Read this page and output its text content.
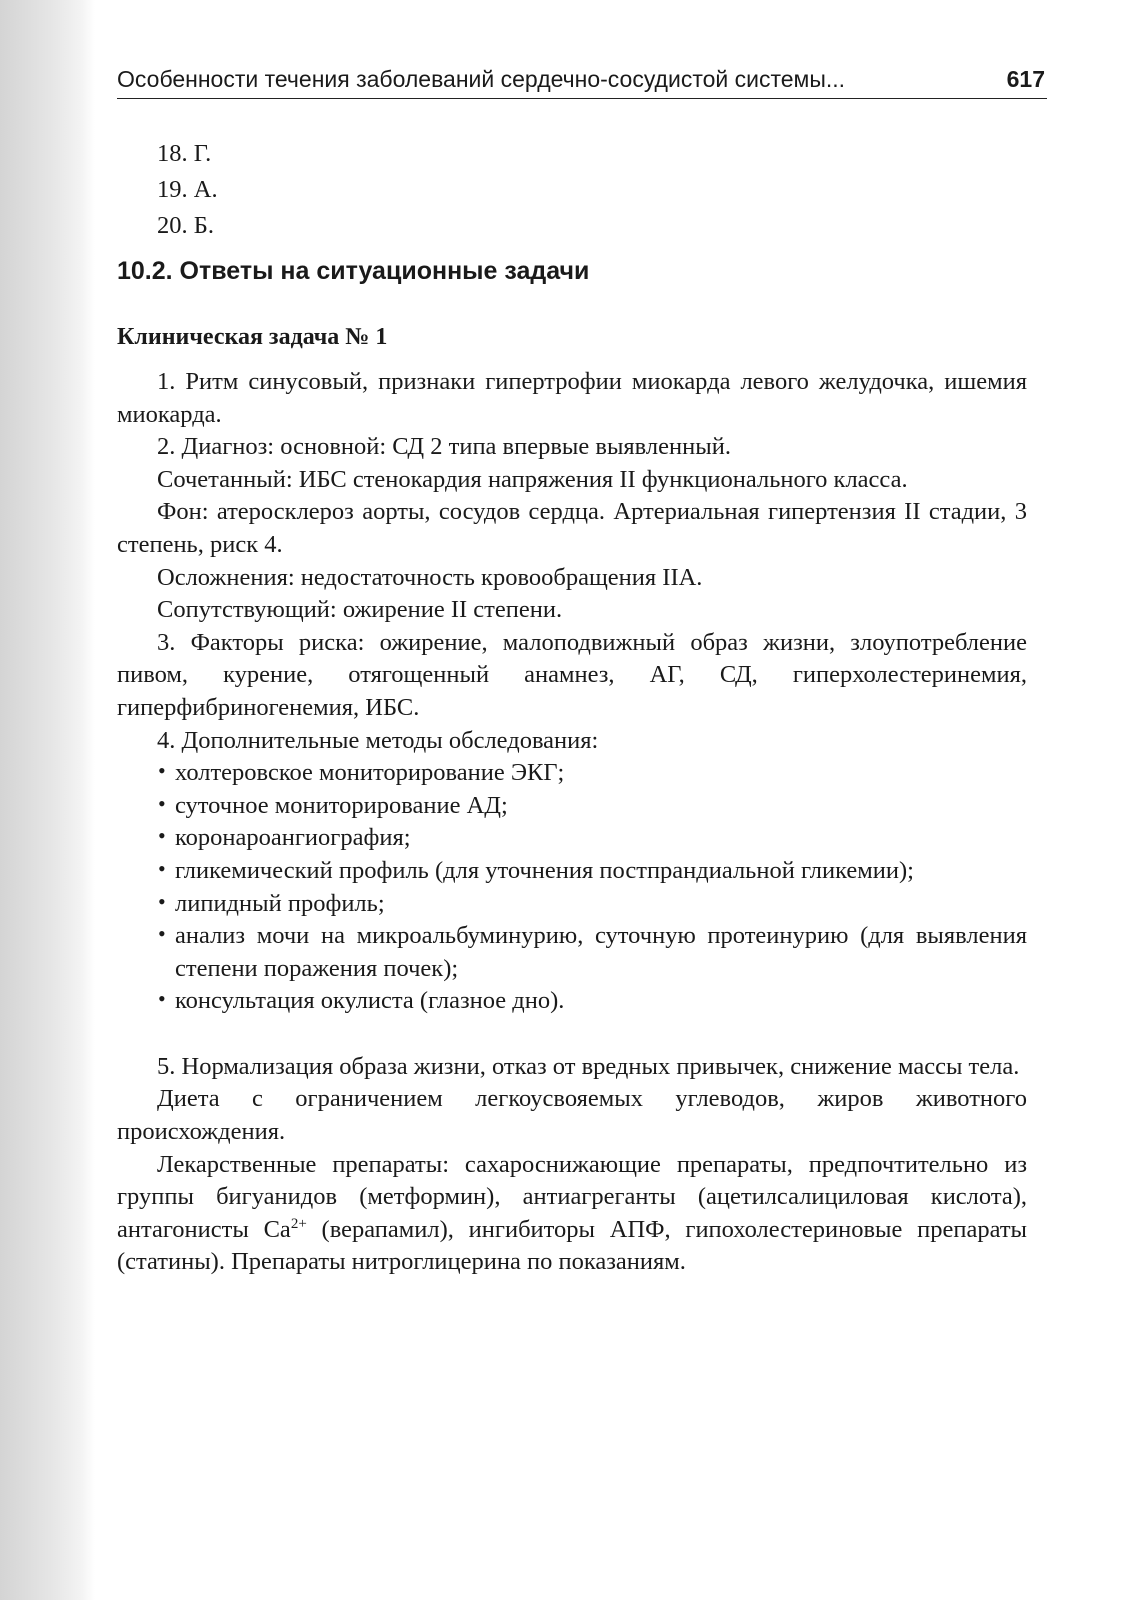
Особенности течения заболеваний сердечно-сосудистой системы...	617
18. Г.
19. А.
20. Б.
10.2. Ответы на ситуационные задачи
Клиническая задача № 1

1. Ритм синусовый, признаки гипертрофии миокарда левого желудочка, ишемия миокарда.

2. Диагноз: основной: СД 2 типа впервые выявленный.

Сочетанный: ИБС стенокардия напряжения II функционального класса.

Фон: атеросклероз аорты, сосудов сердца. Артериальная гипертензия II стадии, 3 степень, риск 4.

Осложнения: недостаточность кровообращения IIA.

Сопутствующий: ожирение II степени.

3. Факторы риска: ожирение, малоподвижный образ жизни, злоупотребление пивом, курение, отягощенный анамнез, АГ, СД, гиперхолестеринемия, гиперфибриногенемия, ИБС.

4. Дополнительные методы обследования:

• холтеровское мониторирование ЭКГ;
• суточное мониторирование АД;
• коронароангиография;
• гликемический профиль (для уточнения постпрандиальной гликемии);
• липидный профиль;
• анализ мочи на микроальбуминурию, суточную протеинурию (для выявления степени поражения почек);
• консультация окулиста (глазное дно).

5. Нормализация образа жизни, отказ от вредных привычек, снижение массы тела.

Диета с ограничением легкоусвояемых углеводов, жиров животного происхождения.

Лекарственные препараты: сахароснижающие препараты, предпочтительно из группы бигуанидов (метформин), антиагреганты (ацетилсалициловая кислота), антагонисты $Са^{2+}$ (верапамил), ингибиторы АПФ, гипохолестериновые препараты (статины). Препараты нитроглицерина по показаниям.
